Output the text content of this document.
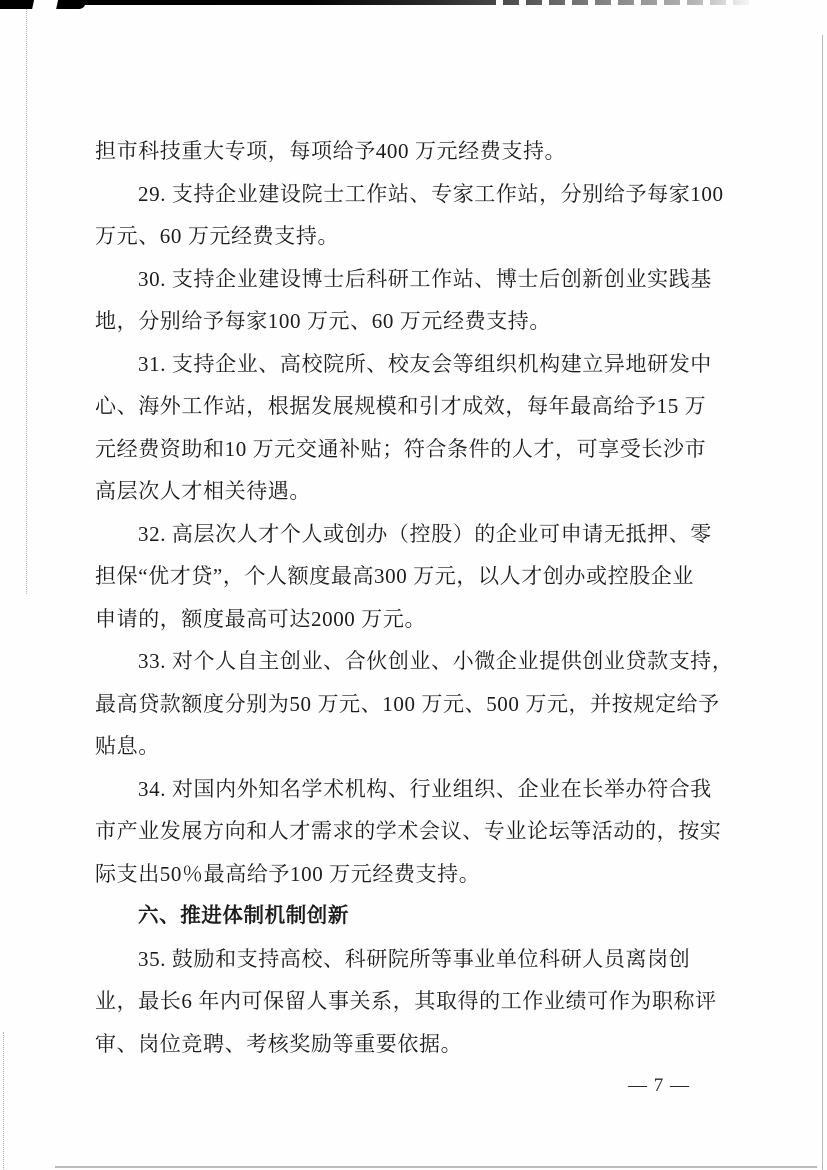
担市科技重大专项，每项给予400 万元经费支持。
29. 支持企业建设院士工作站、专家工作站，分别给予每家100
万元、60 万元经费支持。
30. 支持企业建设博士后科研工作站、博士后创新创业实践基
地，分别给予每家100 万元、60 万元经费支持。
31. 支持企业、高校院所、校友会等组织机构建立异地研发中
心、海外工作站，根据发展规模和引才成效，每年最高给予15 万
元经费资助和10 万元交通补贴；符合条件的人才，可享受长沙市
高层次人才相关待遇。
32. 高层次人才个人或创办（控股）的企业可申请无抵押、零
担保“优才贷”，个人额度最高300 万元，以人才创办或控股企业
申请的，额度最高可达2000 万元。
33. 对个人自主创业、合伙创业、小微企业提供创业贷款支持，
最高贷款额度分别为50 万元、100 万元、500 万元，并按规定给予
贴息。
34. 对国内外知名学术机构、行业组织、企业在长举办符合我
市产业发展方向和人才需求的学术会议、专业论坛等活动的，按实
际支出50％最高给予100 万元经费支持。
六、推进体制机制创新
35. 鼓励和支持高校、科研院所等事业单位科研人员离岗创
业，最长6 年内可保留人事关系，其取得的工作业绩可作为职称评
审、岗位竞聘、考核奖励等重要依据。
— 7 —
